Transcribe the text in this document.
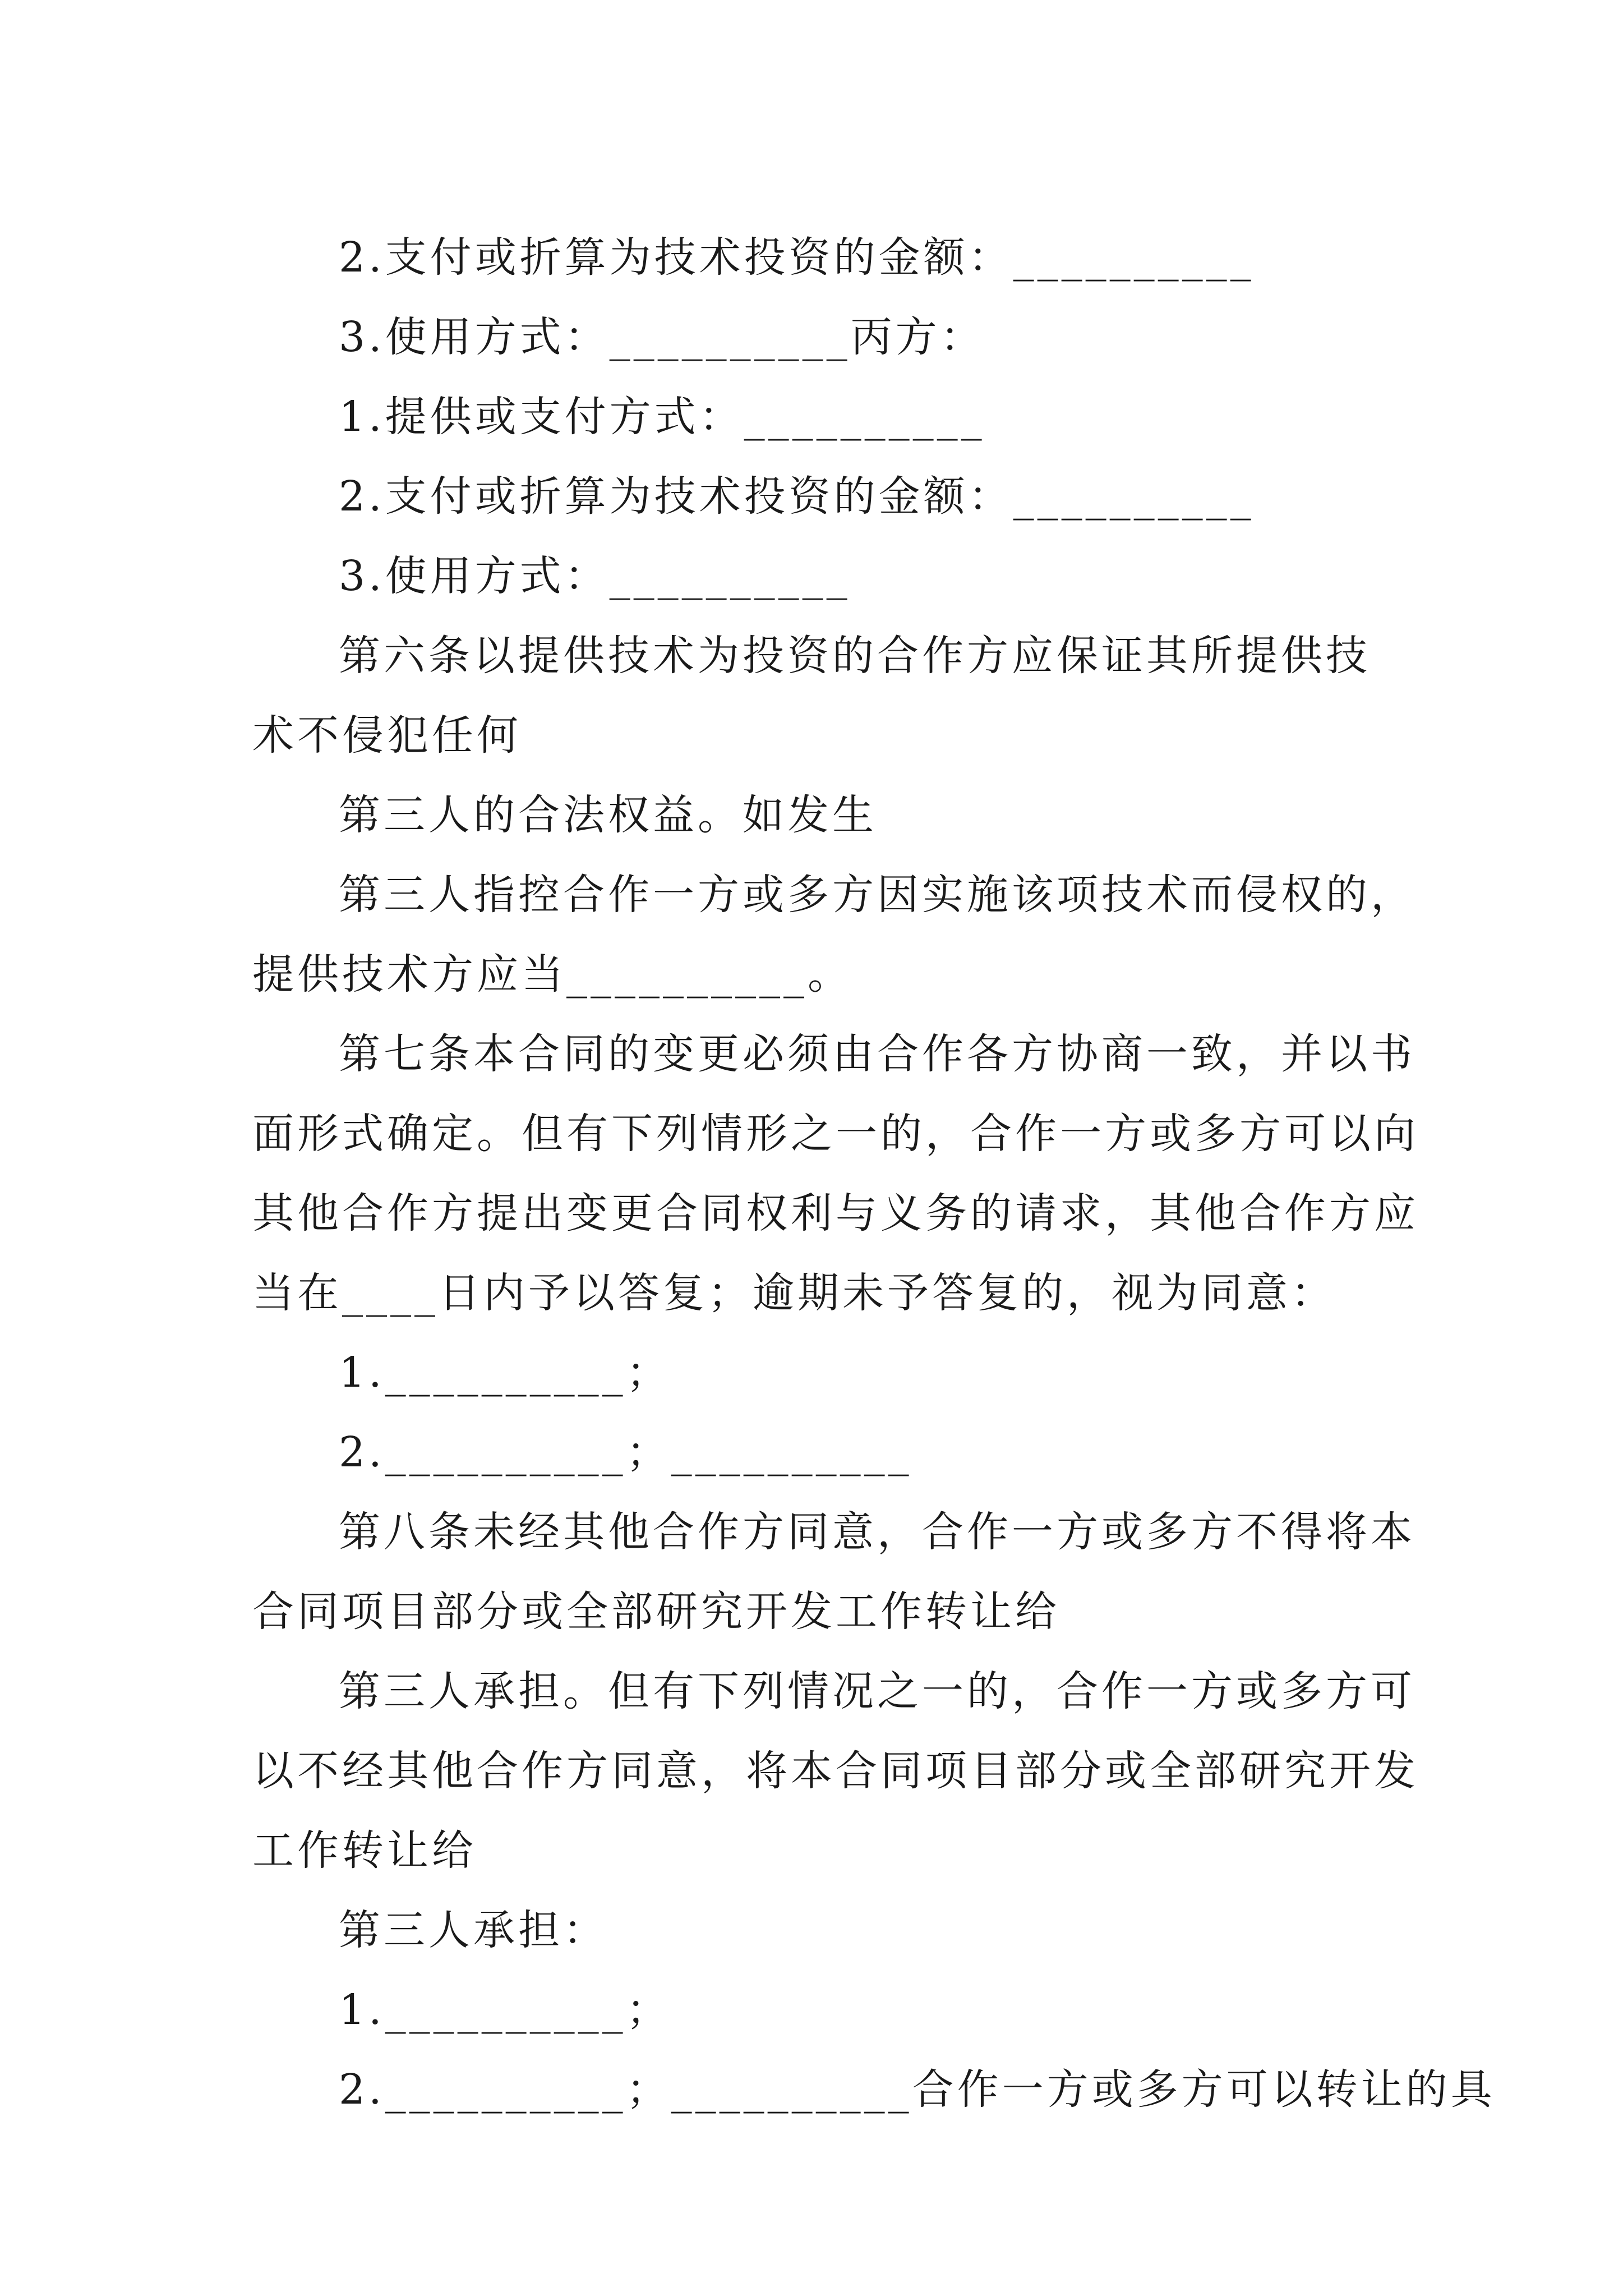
2.支付或折算为技术投资的金额：__________
3.使用方式：__________丙方：
1.提供或支付方式：__________
2.支付或折算为技术投资的金额：__________
3.使用方式：__________
第六条以提供技术为投资的合作方应保证其所提供技
术不侵犯任何
第三人的合法权益。如发生
第三人指控合作一方或多方因实施该项技术而侵权的，
提供技术方应当__________。
第七条本合同的变更必须由合作各方协商一致，并以书
面形式确定。但有下列情形之一的，合作一方或多方可以向
其他合作方提出变更合同权利与义务的请求，其他合作方应
当在____日内予以答复；逾期未予答复的，视为同意：
1.__________；
2.__________；__________
第八条未经其他合作方同意，合作一方或多方不得将本
合同项目部分或全部研究开发工作转让给
第三人承担。但有下列情况之一的，合作一方或多方可
以不经其他合作方同意，将本合同项目部分或全部研究开发
工作转让给
第三人承担：
1.__________；
2.__________；__________合作一方或多方可以转让的具
